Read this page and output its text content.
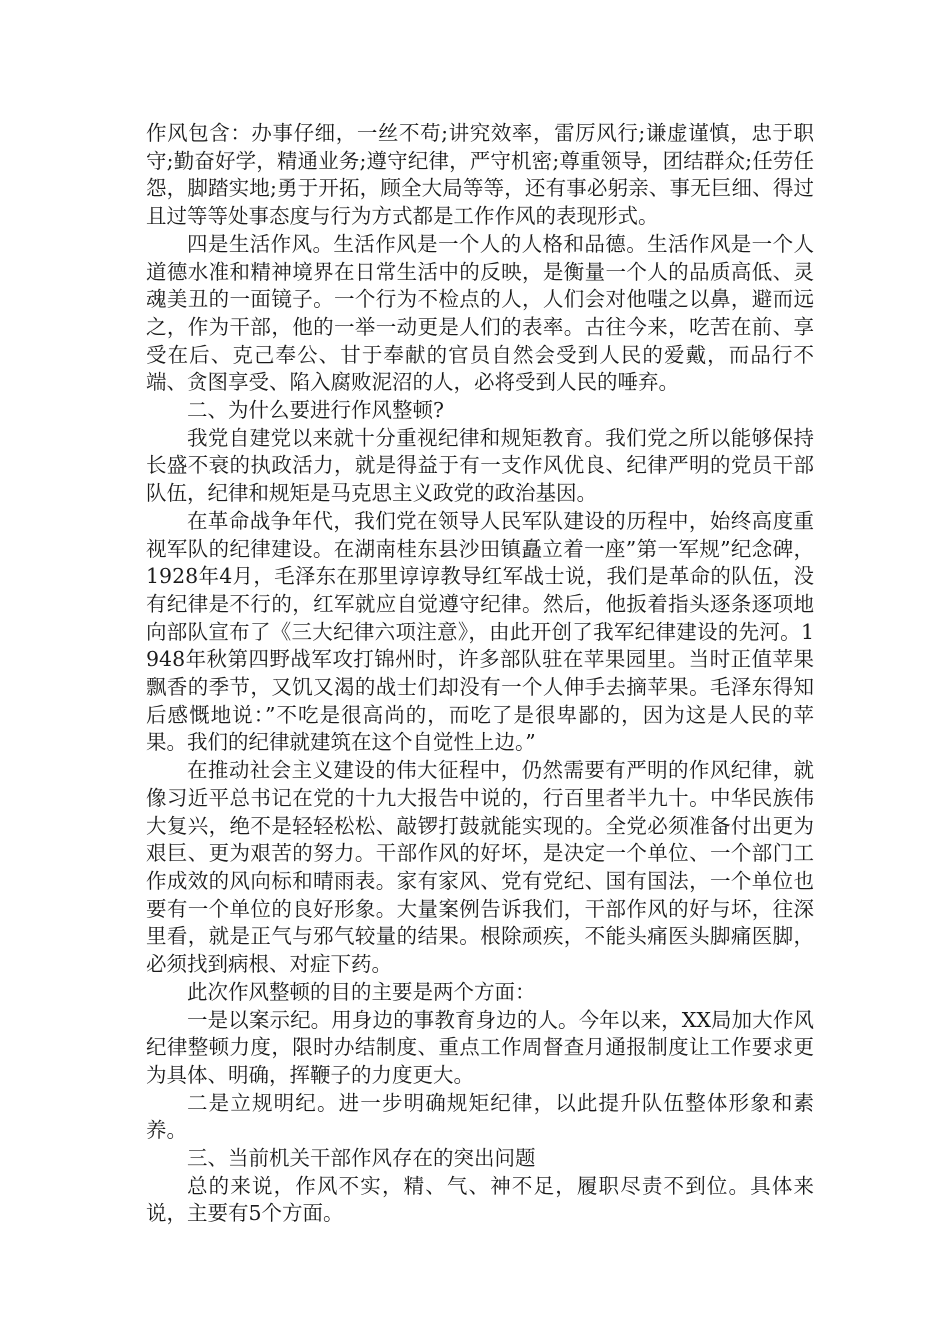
作风包含：办事仔细，一丝不苟;讲究效率，雷厉风行;谦虚谨慎，忠于职守;勤奋好学，精通业务;遵守纪律，严守机密;尊重领导，团结群众;任劳任怨，脚踏实地;勇于开拓，顾全大局等等，还有事必躬亲、事无巨细、得过且过等等处事态度与行为方式都是工作作风的表现形式。

四是生活作风。生活作风是一个人的人格和品德。生活作风是一个人道德水准和精神境界在日常生活中的反映，是衡量一个人的品质高低、灵魂美丑的一面镜子。一个行为不检点的人，人们会对他嗤之以鼻，避而远之，作为干部，他的一举一动更是人们的表率。古往今来，吃苦在前、享受在后、克己奉公、甘于奉献的官员自然会受到人民的爱戴，而品行不端、贪图享受、陷入腐败泥沼的人，必将受到人民的唾弃。

二、为什么要进行作风整顿?

我党自建党以来就十分重视纪律和规矩教育。我们党之所以能够保持长盛不衰的执政活力，就是得益于有一支作风优良、纪律严明的党员干部队伍，纪律和规矩是马克思主义政党的政治基因。

在革命战争年代，我们党在领导人民军队建设的历程中，始终高度重视军队的纪律建设。在湖南桂东县沙田镇矗立着一座”第一军规”纪念碑，1928年4月，毛泽东在那里谆谆教导红军战士说，我们是革命的队伍，没有纪律是不行的，红军就应自觉遵守纪律。然后，他扳着指头逐条逐项地向部队宣布了《三大纪律六项注意》，由此开创了我军纪律建设的先河。1948年秋第四野战军攻打锦州时，许多部队驻在苹果园里。当时正值苹果飘香的季节，又饥又渴的战士们却没有一个人伸手去摘苹果。毛泽东得知后感慨地说：”不吃是很高尚的，而吃了是很卑鄙的，因为这是人民的苹果。我们的纪律就建筑在这个自觉性上边。”

在推动社会主义建设的伟大征程中，仍然需要有严明的作风纪律，就像习近平总书记在党的十九大报告中说的，行百里者半九十。中华民族伟大复兴，绝不是轻轻松松、敲锣打鼓就能实现的。全党必须准备付出更为艰巨、更为艰苦的努力。干部作风的好坏，是决定一个单位、一个部门工作成效的风向标和晴雨表。家有家风、党有党纪、国有国法，一个单位也要有一个单位的良好形象。大量案例告诉我们，干部作风的好与坏，往深里看，就是正气与邪气较量的结果。根除顽疾，不能头痛医头脚痛医脚，必须找到病根、对症下药。

此次作风整顿的目的主要是两个方面：

一是以案示纪。用身边的事教育身边的人。今年以来，XX局加大作风纪律整顿力度，限时办结制度、重点工作周督查月通报制度让工作要求更为具体、明确，挥鞭子的力度更大。

二是立规明纪。进一步明确规矩纪律，以此提升队伍整体形象和素养。

三、当前机关干部作风存在的突出问题

总的来说，作风不实，精、气、神不足，履职尽责不到位。具体来说，主要有5个方面。
